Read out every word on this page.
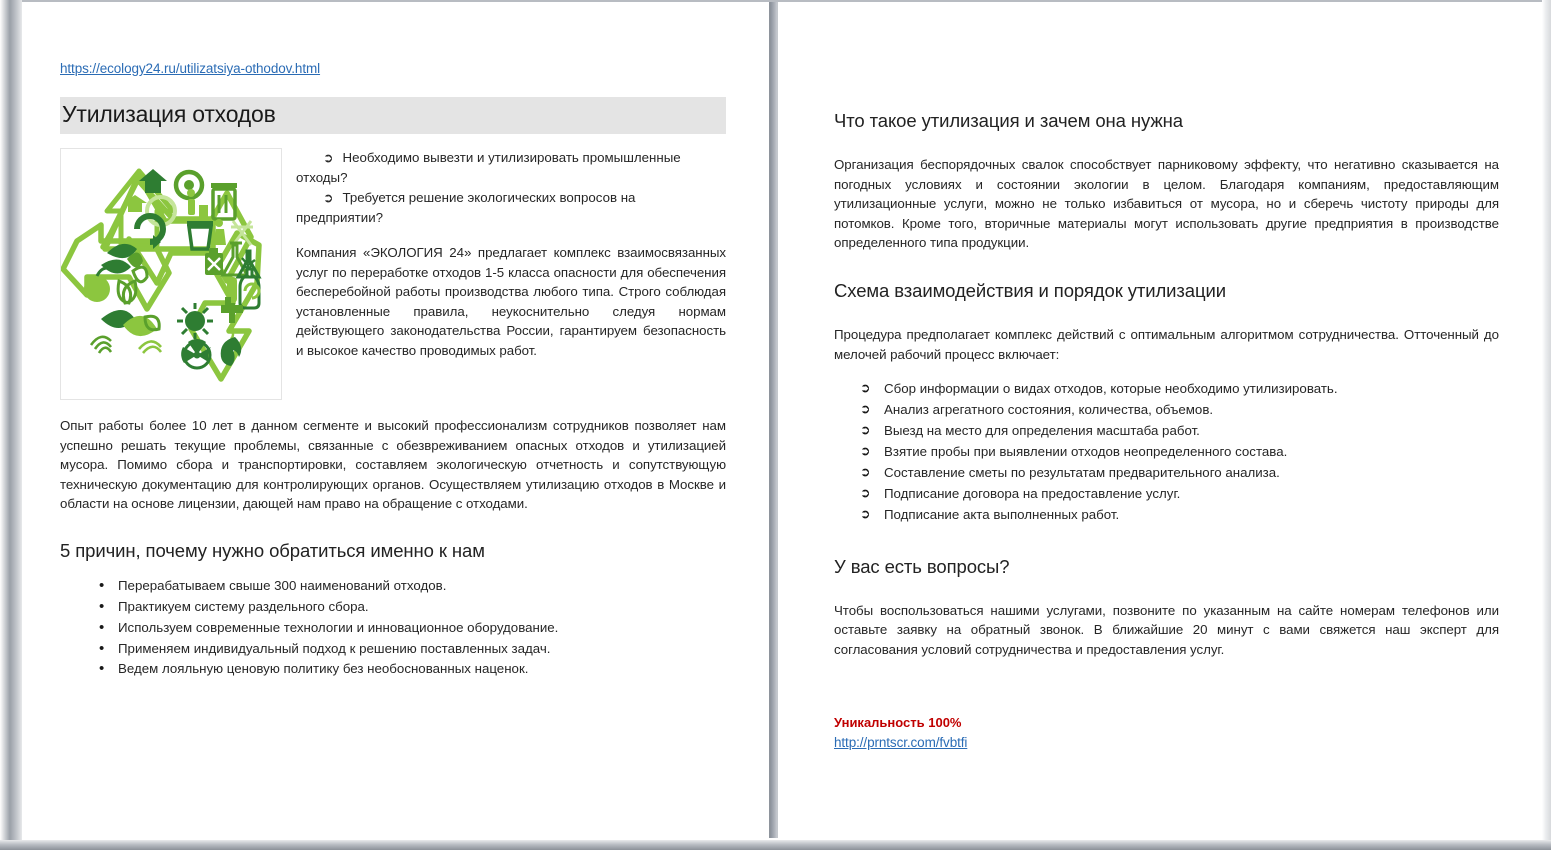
https://ecology24.ru/utilizatsiya-othodov.html
Утилизация отходов

➲ Необходимо вывезти и утилизировать промышленные отходы?

➲ Требуется решение экологических вопросов на предприятии?

Компания «ЭКОЛОГИЯ 24» предлагает комплекс взаимосвязанных услуг по переработке отходов 1-5 класса опасности для обеспечения бесперебойной работы производства любого типа. Строго соблюдая установленные правила, неукоснительно следуя нормам действующего законодательства России, гарантируем безопасность и высокое качество проводимых работ.

Опыт работы более 10 лет в данном сегменте и высокий профессионализм сотрудников позволяет нам успешно решать текущие проблемы, связанные с обезвреживанием опасных отходов и утилизацией мусора. Помимо сбора и транспортировки, составляем экологическую отчетность и сопутствующую техническую документацию для контролирующих органов. Осуществляем утилизацию отходов в Москве и области на основе лицензии, дающей нам право на обращение с отходами.

5 причин, почему нужно обратиться именно к нам
• Перерабатываем свыше 300 наименований отходов.
• Практикуем систему раздельного сбора.
• Используем современные технологии и инновационное оборудование.
• Применяем индивидуальный подход к решению поставленных задач.
• Ведем лояльную ценовую политику без необоснованных наценок.
Что такое утилизация и зачем она нужна

Организация беспорядочных свалок способствует парниковому эффекту, что негативно сказывается на погодных условиях и состоянии экологии в целом. Благодаря компаниям, предоставляющим утилизационные услуги, можно не только избавиться от мусора, но и сберечь чистоту природы для потомков. Кроме того, вторичные материалы могут использовать другие предприятия в производстве определенного типа продукции.

Схема взаимодействия и порядок утилизации

Процедура предполагает комплекс действий с оптимальным алгоритмом сотрудничества. Отточенный до мелочей рабочий процесс включает:

➲ Сбор информации о видах отходов, которые необходимо утилизировать.
➲ Анализ агрегатного состояния, количества, объемов.
➲ Выезд на место для определения масштаба работ.
➲ Взятие пробы при выявлении отходов неопределенного состава.
➲ Составление сметы по результатам предварительного анализа.
➲ Подписание договора на предоставление услуг.
➲ Подписание акта выполненных работ.
У вас есть вопросы?

Чтобы воспользоваться нашими услугами, позвоните по указанным на сайте номерам телефонов или оставьте заявку на обратный звонок. В ближайшие 20 минут с вами свяжется наш эксперт для согласования условий сотрудничества и предоставления услуг.

Уникальность 100%
http://prntscr.com/fvbtfi
